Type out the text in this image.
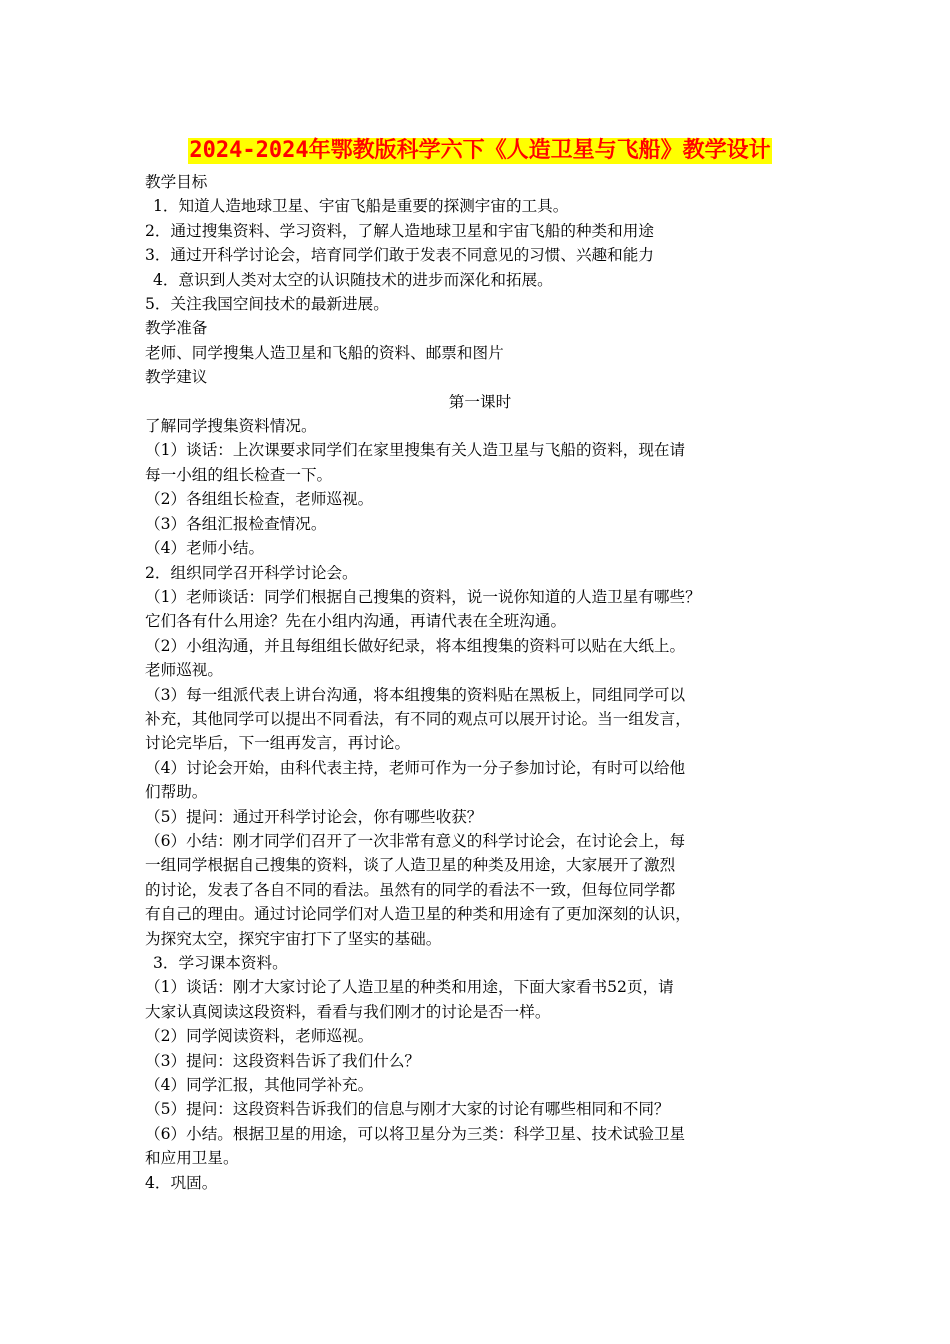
2024-2024年鄂教版科学六下《人造卫星与飞船》教学设计
教学目标
1．知道人造地球卫星、宇宙飞船是重要的探测宇宙的工具。
2．通过搜集资料、学习资料，了解人造地球卫星和宇宙飞船的种类和用途
3．通过开科学讨论会，培育同学们敢于发表不同意见的习惯、兴趣和能力
4．意识到人类对太空的认识随技术的进步而深化和拓展。
5．关注我国空间技术的最新进展。
教学准备
老师、同学搜集人造卫星和飞船的资料、邮票和图片
教学建议
第一课时
了解同学搜集资料情况。
（1）谈话：上次课要求同学们在家里搜集有关人造卫星与飞船的资料，现在请
每一小组的组长检查一下。
（2）各组组长检查，老师巡视。
（3）各组汇报检查情况。
（4）老师小结。
2．组织同学召开科学讨论会。
（1）老师谈话：同学们根据自己搜集的资料，说一说你知道的人造卫星有哪些？
它们各有什么用途？先在小组内沟通，再请代表在全班沟通。
（2）小组沟通，并且每组组长做好纪录，将本组搜集的资料可以贴在大纸上。
老师巡视。
（3）每一组派代表上讲台沟通，将本组搜集的资料贴在黑板上，同组同学可以
补充，其他同学可以提出不同看法，有不同的观点可以展开讨论。当一组发言，
讨论完毕后，下一组再发言，再讨论。
（4）讨论会开始，由科代表主持，老师可作为一分子参加讨论，有时可以给他
们帮助。
（5）提问：通过开科学讨论会，你有哪些收获？
（6）小结：刚才同学们召开了一次非常有意义的科学讨论会，在讨论会上，每
一组同学根据自己搜集的资料，谈了人造卫星的种类及用途，大家展开了激烈
的讨论，发表了各自不同的看法。虽然有的同学的看法不一致，但每位同学都
有自己的理由。通过讨论同学们对人造卫星的种类和用途有了更加深刻的认识，
为探究太空，探究宇宙打下了坚实的基础。
3．学习课本资料。
（1）谈话：刚才大家讨论了人造卫星的种类和用途，下面大家看书52页，请
大家认真阅读这段资料，看看与我们刚才的讨论是否一样。
（2）同学阅读资料，老师巡视。
（3）提问：这段资料告诉了我们什么？
（4）同学汇报，其他同学补充。
（5）提问：这段资料告诉我们的信息与刚才大家的讨论有哪些相同和不同？
（6）小结。根据卫星的用途，可以将卫星分为三类：科学卫星、技术试验卫星
和应用卫星。
4．巩固。
